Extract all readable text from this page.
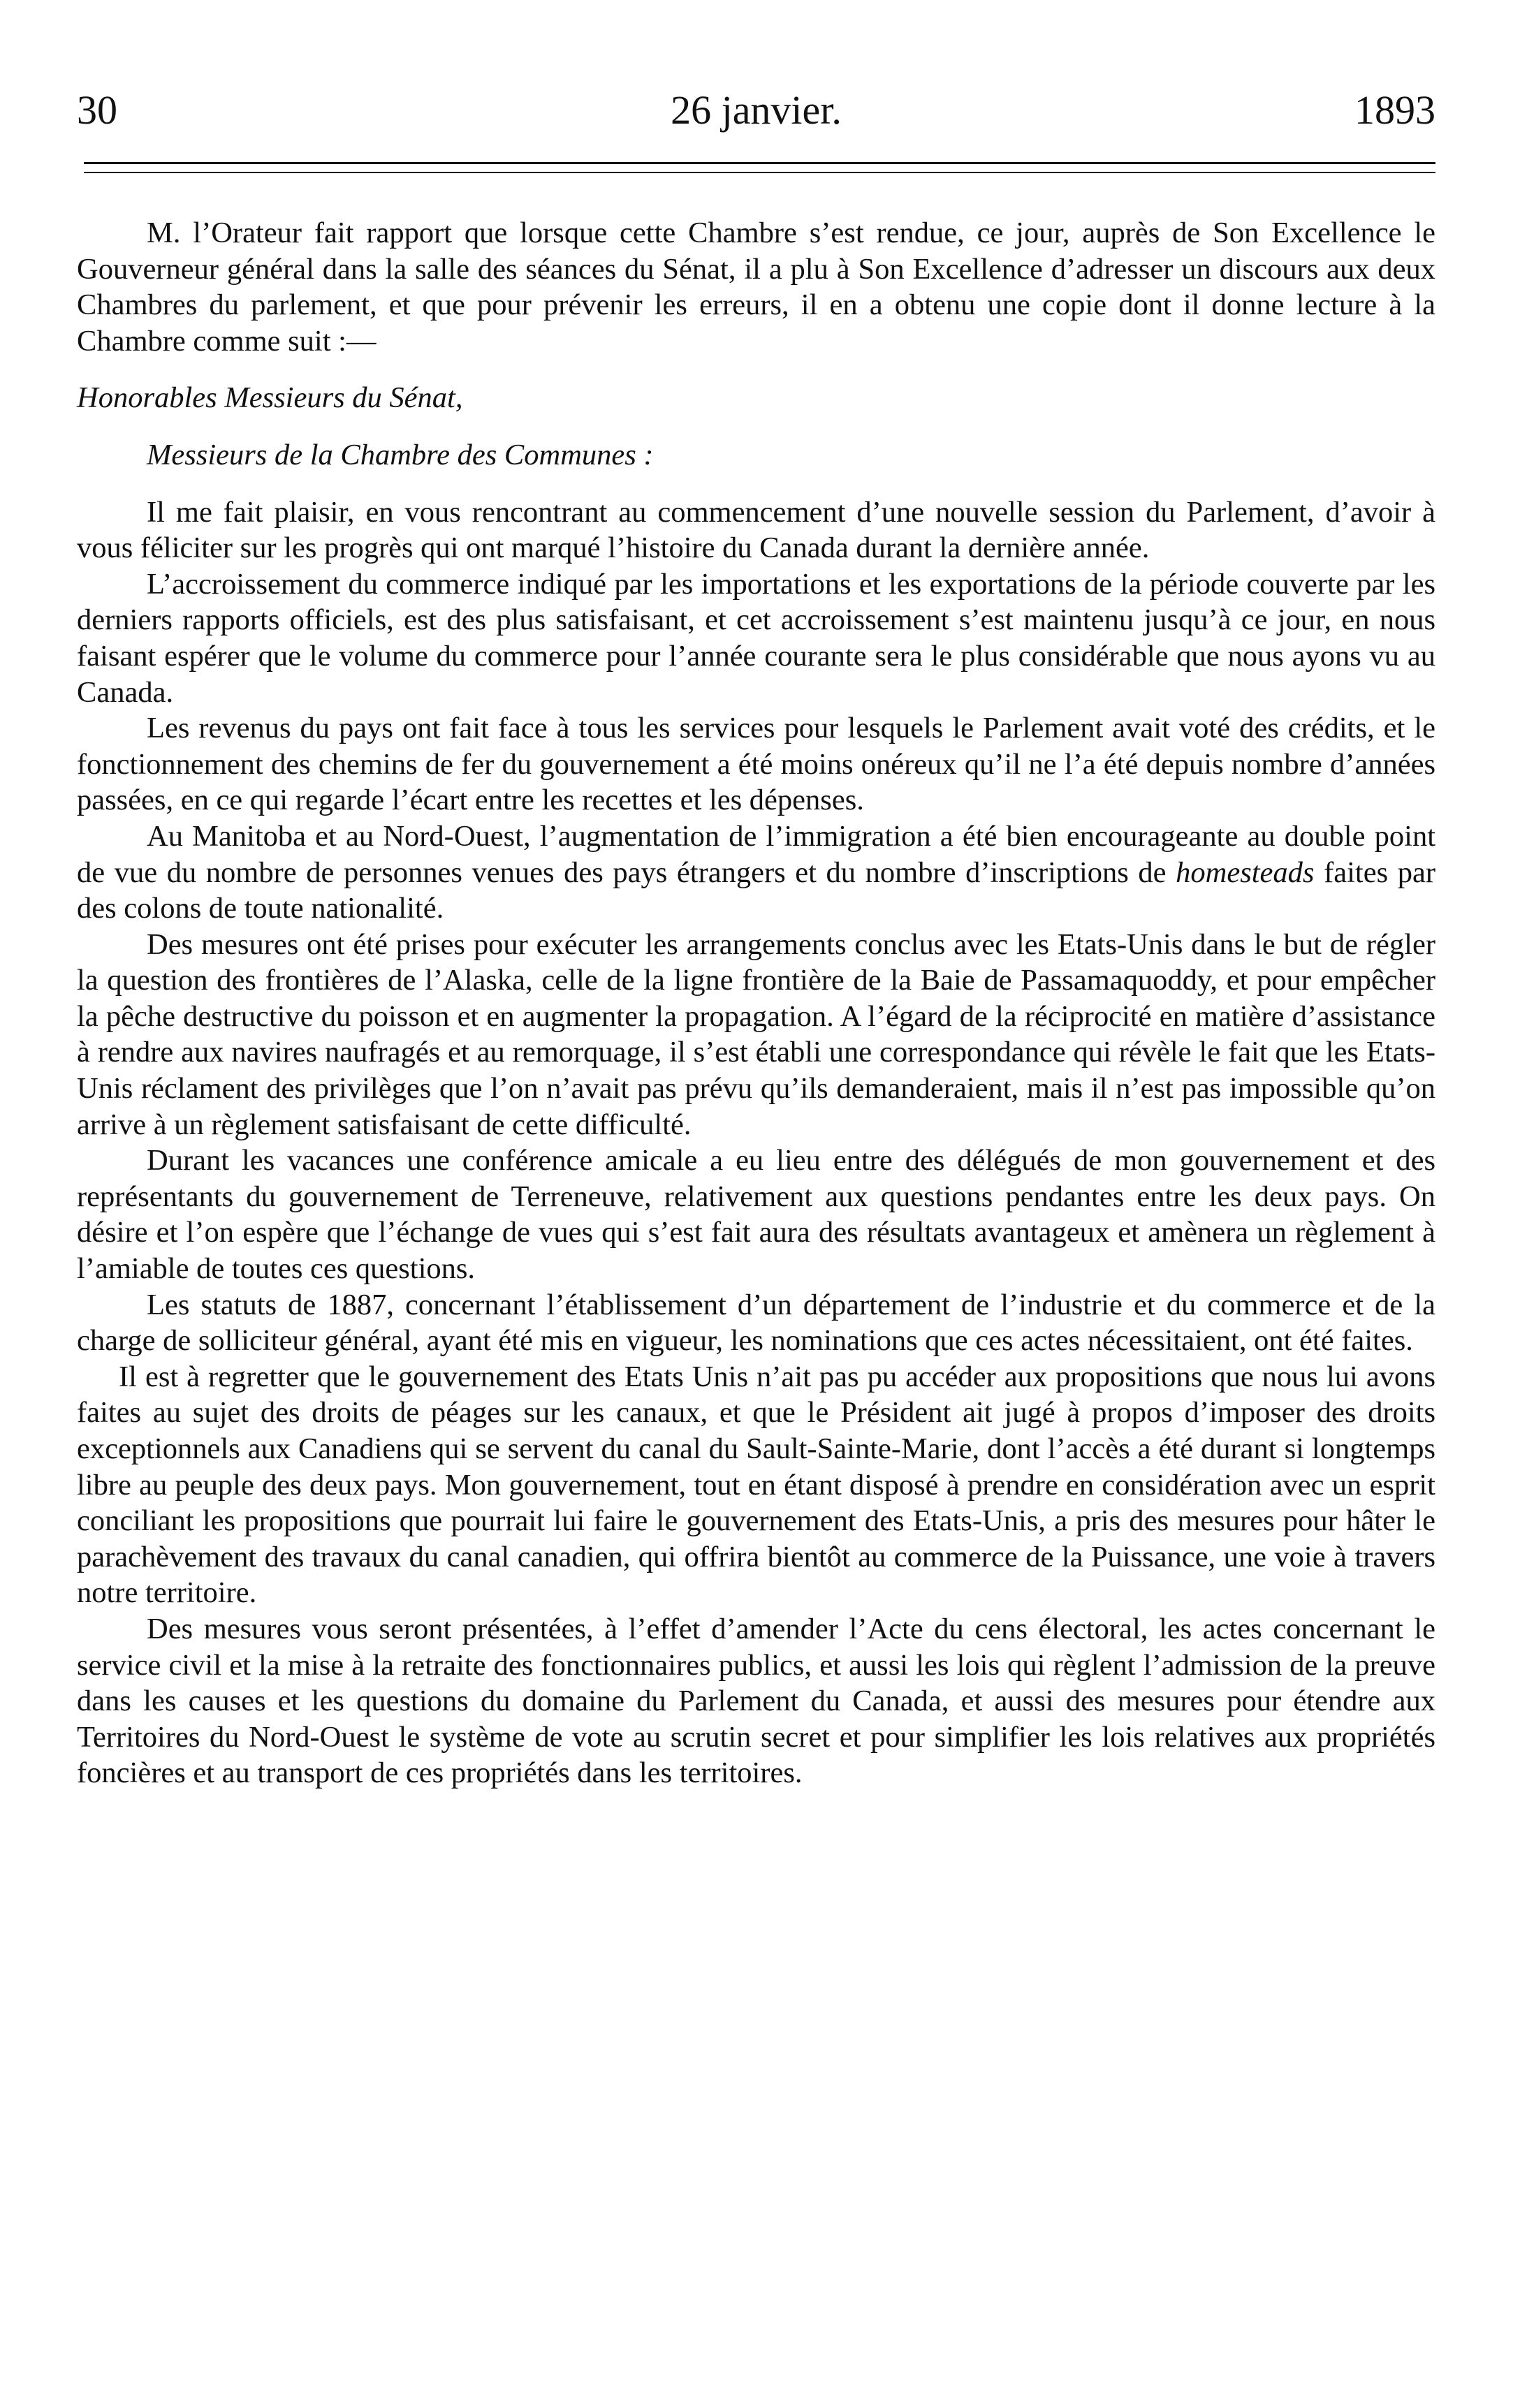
30	26 janvier.	1893

M. l’Orateur fait rapport que lorsque cette Chambre s’est rendue, ce jour, auprès de Son Excellence le Gouverneur général dans la salle des séances du Sénat, il a plu à Son Excellence d’adresser un discours aux deux Chambres du parlement, et que pour prévenir les erreurs, il en a obtenu une copie dont il donne lecture à la Chambre comme suit :—

Honorables Messieurs du Sénat,

Messieurs de la Chambre des Communes :

Il me fait plaisir, en vous rencontrant au commencement d’une nouvelle session du Parlement, d’avoir à vous féliciter sur les progrès qui ont marqué l’histoire du Canada durant la dernière année.

L’accroissement du commerce indiqué par les importations et les exportations de la période couverte par les derniers rapports officiels, est des plus satisfaisant, et cet accroissement s’est maintenu jusqu’à ce jour, en nous faisant espérer que le volume du commerce pour l’année courante sera le plus considérable que nous ayons vu au Canada.

Les revenus du pays ont fait face à tous les services pour lesquels le Parlement avait voté des crédits, et le fonctionnement des chemins de fer du gouvernement a été moins onéreux qu’il ne l’a été depuis nombre d’années passées, en ce qui regarde l’écart entre les recettes et les dépenses.

Au Manitoba et au Nord-Ouest, l’augmentation de l’immigration a été bien encourageante au double point de vue du nombre de personnes venues des pays étrangers et du nombre d’inscriptions de homesteads faites par des colons de toute nationalité.

Des mesures ont été prises pour exécuter les arrangements conclus avec les Etats-Unis dans le but de régler la question des frontières de l’Alaska, celle de la ligne frontière de la Baie de Passamaquoddy, et pour empêcher la pêche destructive du poisson et en augmenter la propagation. A l’égard de la réciprocité en matière d’assistance à rendre aux navires naufragés et au remorquage, il s’est établi une correspondance qui révèle le fait que les Etats-Unis réclament des privilèges que l’on n’avait pas prévu qu’ils demanderaient, mais il n’est pas impossible qu’on arrive à un règlement satisfaisant de cette difficulté.

Durant les vacances une conférence amicale a eu lieu entre des délégués de mon gouvernement et des représentants du gouvernement de Terreneuve, relativement aux questions pendantes entre les deux pays. On désire et l’on espère que l’échange de vues qui s’est fait aura des résultats avantageux et amènera un règlement à l’amiable de toutes ces questions.

Les statuts de 1887, concernant l’établissement d’un département de l’industrie et du commerce et de la charge de solliciteur général, ayant été mis en vigueur, les nominations que ces actes nécessitaient, ont été faites.

Il est à regretter que le gouvernement des Etats Unis n’ait pas pu accéder aux propositions que nous lui avons faites au sujet des droits de péages sur les canaux, et que le Président ait jugé à propos d’imposer des droits exceptionnels aux Canadiens qui se servent du canal du Sault-Sainte-Marie, dont l’accès a été durant si longtemps libre au peuple des deux pays. Mon gouvernement, tout en étant disposé à prendre en considération avec un esprit conciliant les propositions que pourrait lui faire le gouvernement des Etats-Unis, a pris des mesures pour hâter le parachèvement des travaux du canal canadien, qui offrira bientôt au commerce de la Puissance, une voie à travers notre territoire.

Des mesures vous seront présentées, à l’effet d’amender l’Acte du cens électoral, les actes concernant le service civil et la mise à la retraite des fonctionnaires publics, et aussi les lois qui règlent l’admission de la preuve dans les causes et les questions du domaine du Parlement du Canada, et aussi des mesures pour étendre aux Territoires du Nord-Ouest le système de vote au scrutin secret et pour simplifier les lois relatives aux propriétés foncières et au transport de ces propriétés dans les territoires.
